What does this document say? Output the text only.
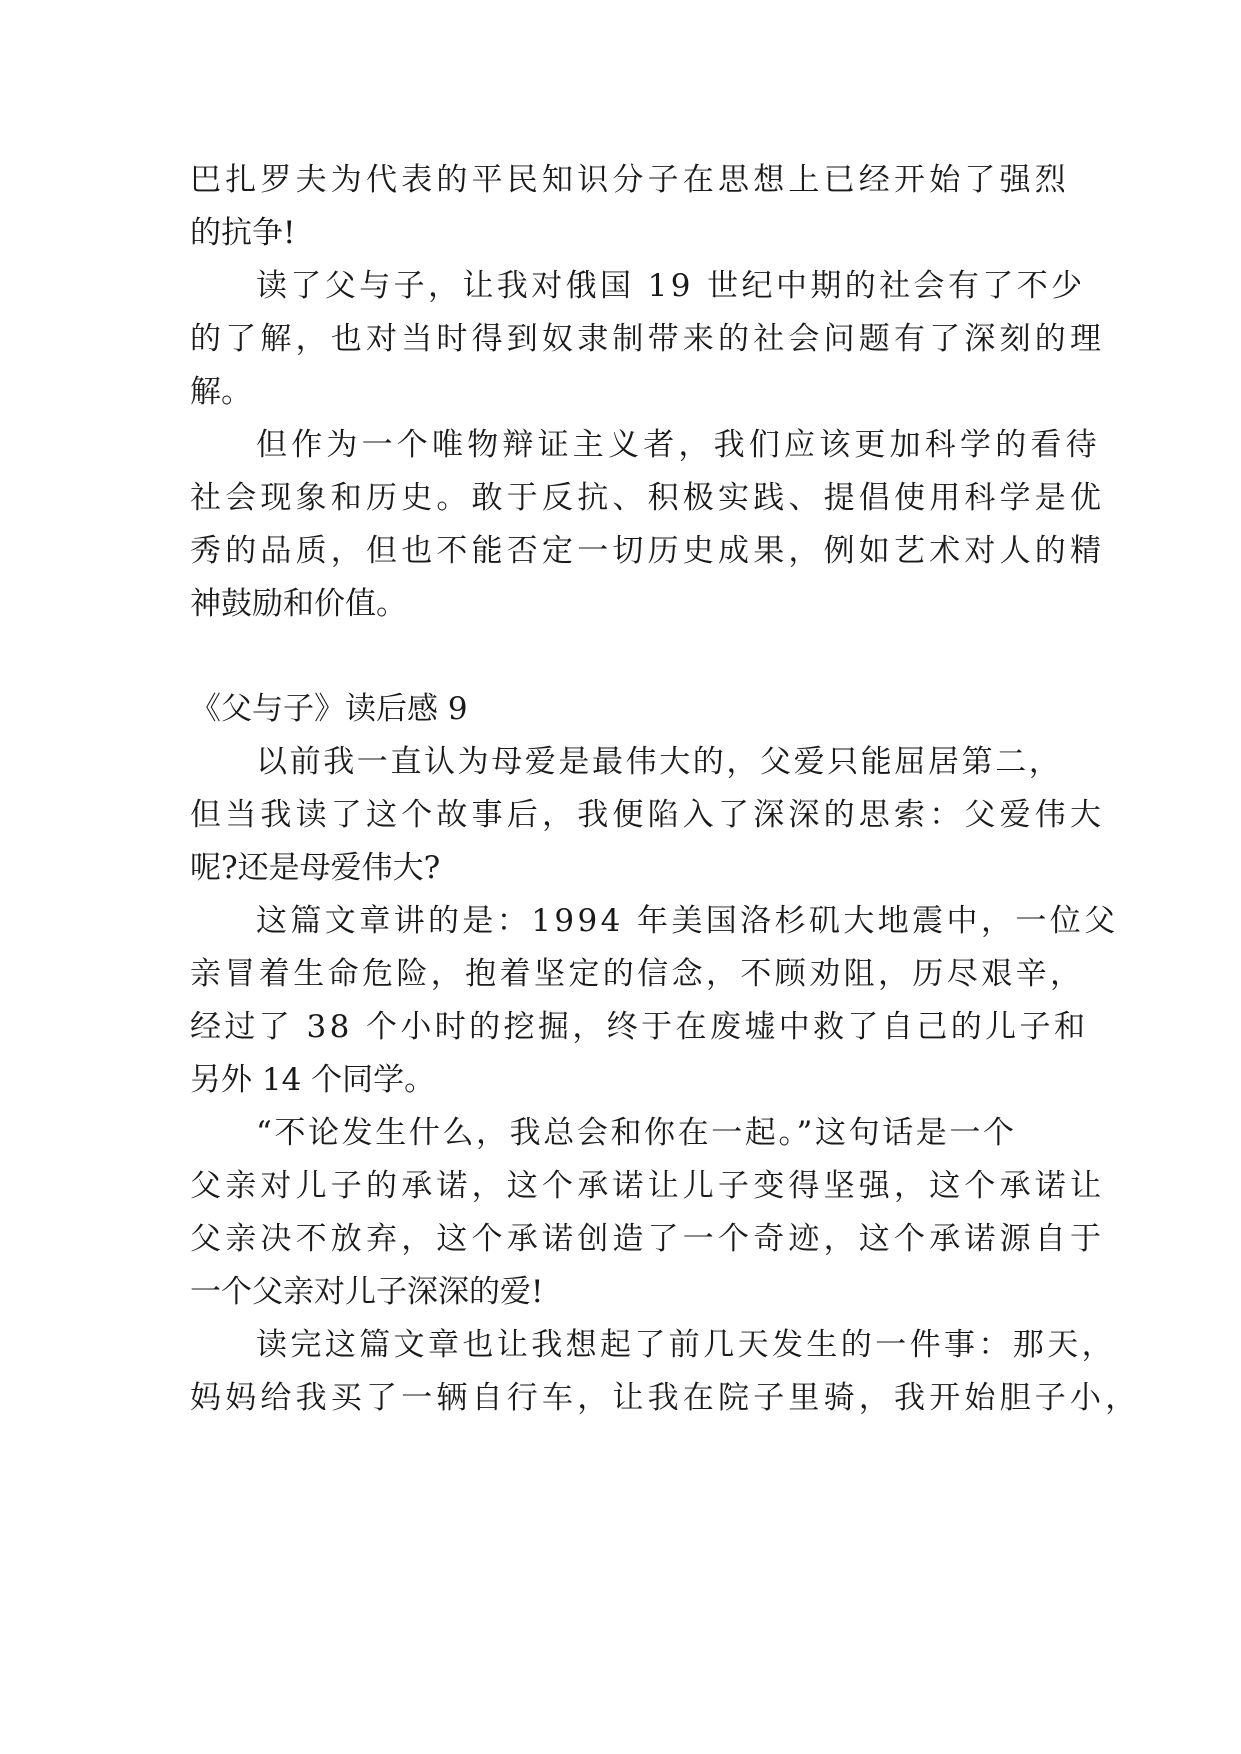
巴扎罗夫为代表的平民知识分子在思想上已经开始了强烈
的抗争!
读了父与子，让我对俄国 19 世纪中期的社会有了不少
的了解，也对当时得到奴隶制带来的社会问题有了深刻的理
解。
但作为一个唯物辩证主义者，我们应该更加科学的看待
社会现象和历史。敢于反抗、积极实践、提倡使用科学是优
秀的品质，但也不能否定一切历史成果，例如艺术对人的精
神鼓励和价值。
《父与子》读后感 9
以前我一直认为母爱是最伟大的，父爱只能屈居第二，
但当我读了这个故事后，我便陷入了深深的思索：父爱伟大
呢?还是母爱伟大?
这篇文章讲的是：1994 年美国洛杉矶大地震中，一位父
亲冒着生命危险，抱着坚定的信念，不顾劝阻，历尽艰辛，
经过了 38 个小时的挖掘，终于在废墟中救了自己的儿子和
另外 14 个同学。
“不论发生什么，我总会和你在一起。”这句话是一个
父亲对儿子的承诺，这个承诺让儿子变得坚强，这个承诺让
父亲决不放弃，这个承诺创造了一个奇迹，这个承诺源自于
一个父亲对儿子深深的爱!
读完这篇文章也让我想起了前几天发生的一件事：那天，
妈妈给我买了一辆自行车，让我在院子里骑，我开始胆子小，
